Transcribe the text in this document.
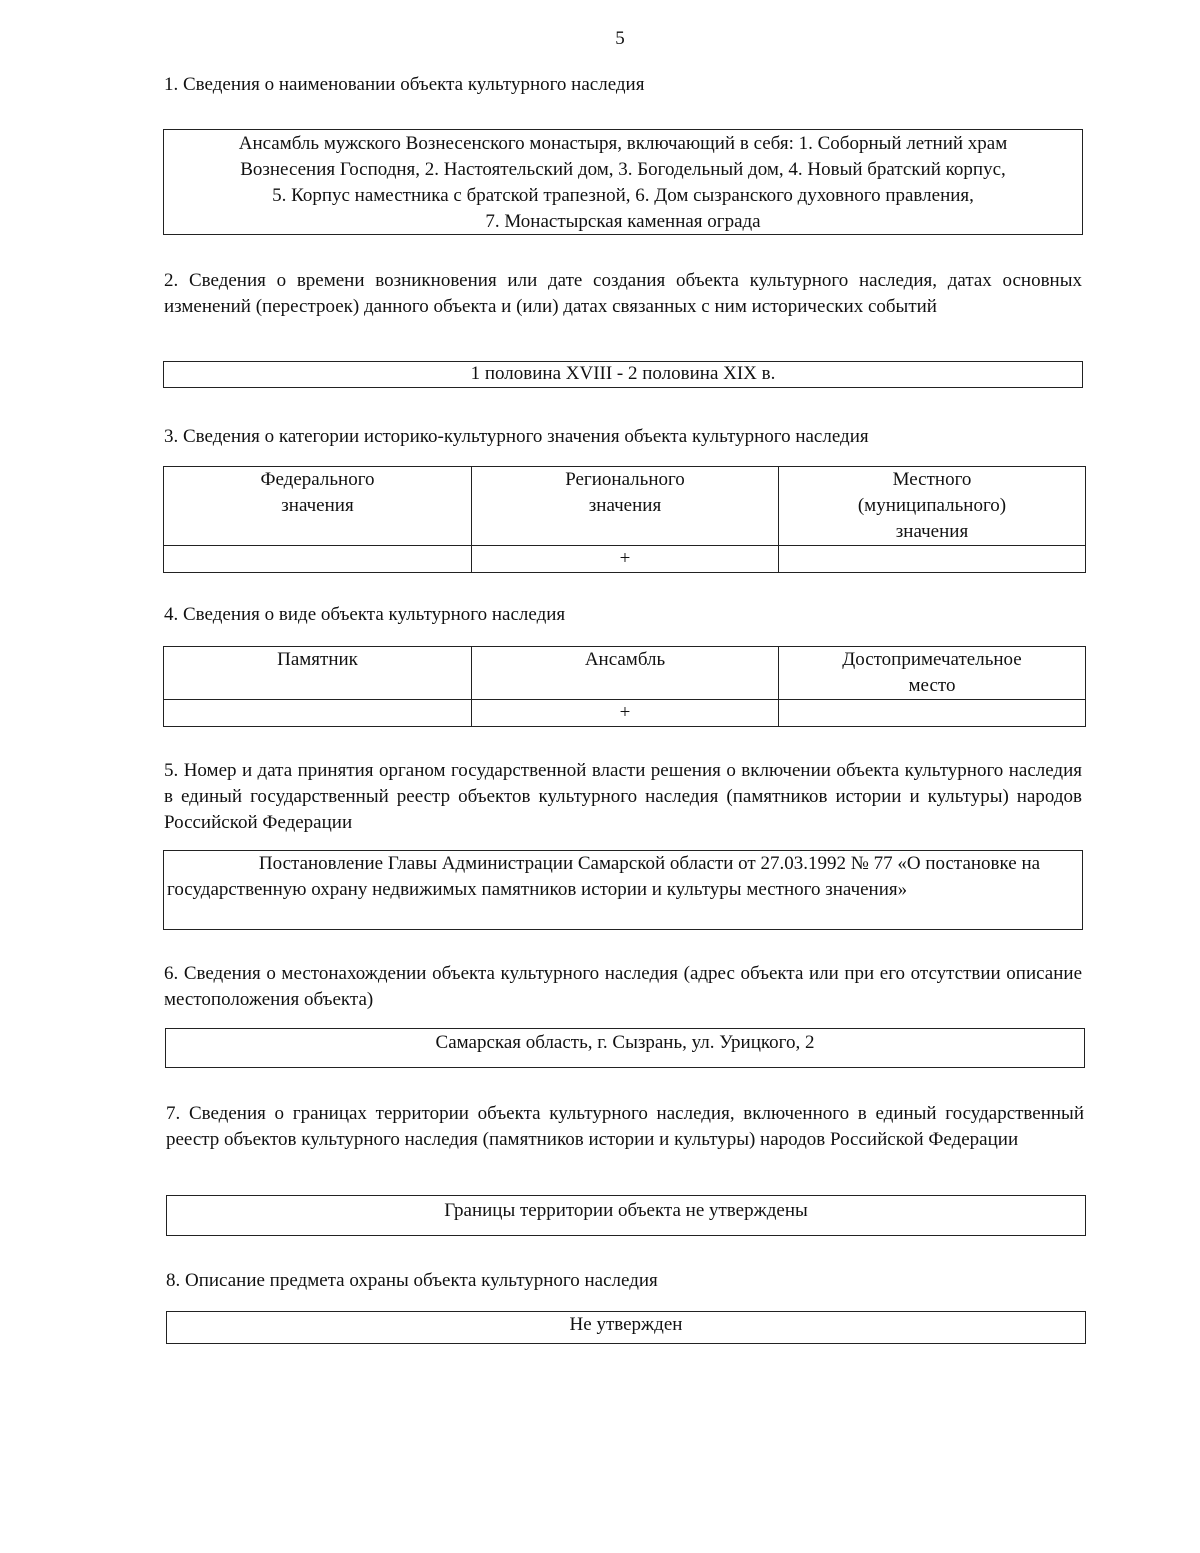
5
1. Сведения о наименовании объекта культурного наследия
Ансамбль мужского Вознесенского монастыря, включающий в себя: 1. Соборный летний храм
Вознесения Господня, 2. Настоятельский дом, 3. Богодельный дом, 4. Новый братский корпус,
5. Корпус наместника с братской трапезной, 6. Дом сызранского духовного правления,
7. Монастырская каменная ограда
2. Сведения о времени возникновения или дате создания объекта культурного наследия, датах основных изменений (перестроек) данного объекта и (или) датах связанных с ним исторических событий
1 половина XVIII - 2 половина XIX в.
3. Сведения о категории историко-культурного значения объекта культурного наследия
Федерального значения	Регионального значения	Местного (муниципального) значения

	+	
4. Сведения о виде объекта культурного наследия
Памятник	Ансамбль	Достопримечательное место

	+	
5. Номер и дата принятия органом государственной власти решения о включении объекта культурного наследия в единый государственный реестр объектов культурного наследия (памятников истории и культуры) народов Российской Федерации
Постановление Главы Администрации Самарской области от 27.03.1992 № 77 «О постановке на государственную охрану недвижимых памятников истории и культуры местного значения»
6. Сведения о местонахождении объекта культурного наследия (адрес объекта или при его отсутствии описание местоположения объекта)
Самарская область, г. Сызрань, ул. Урицкого, 2
7. Сведения о границах территории объекта культурного наследия, включенного в единый государственный реестр объектов культурного наследия (памятников истории и культуры) народов Российской Федерации
Границы территории объекта не утверждены
8. Описание предмета охраны объекта культурного наследия
Не утвержден
